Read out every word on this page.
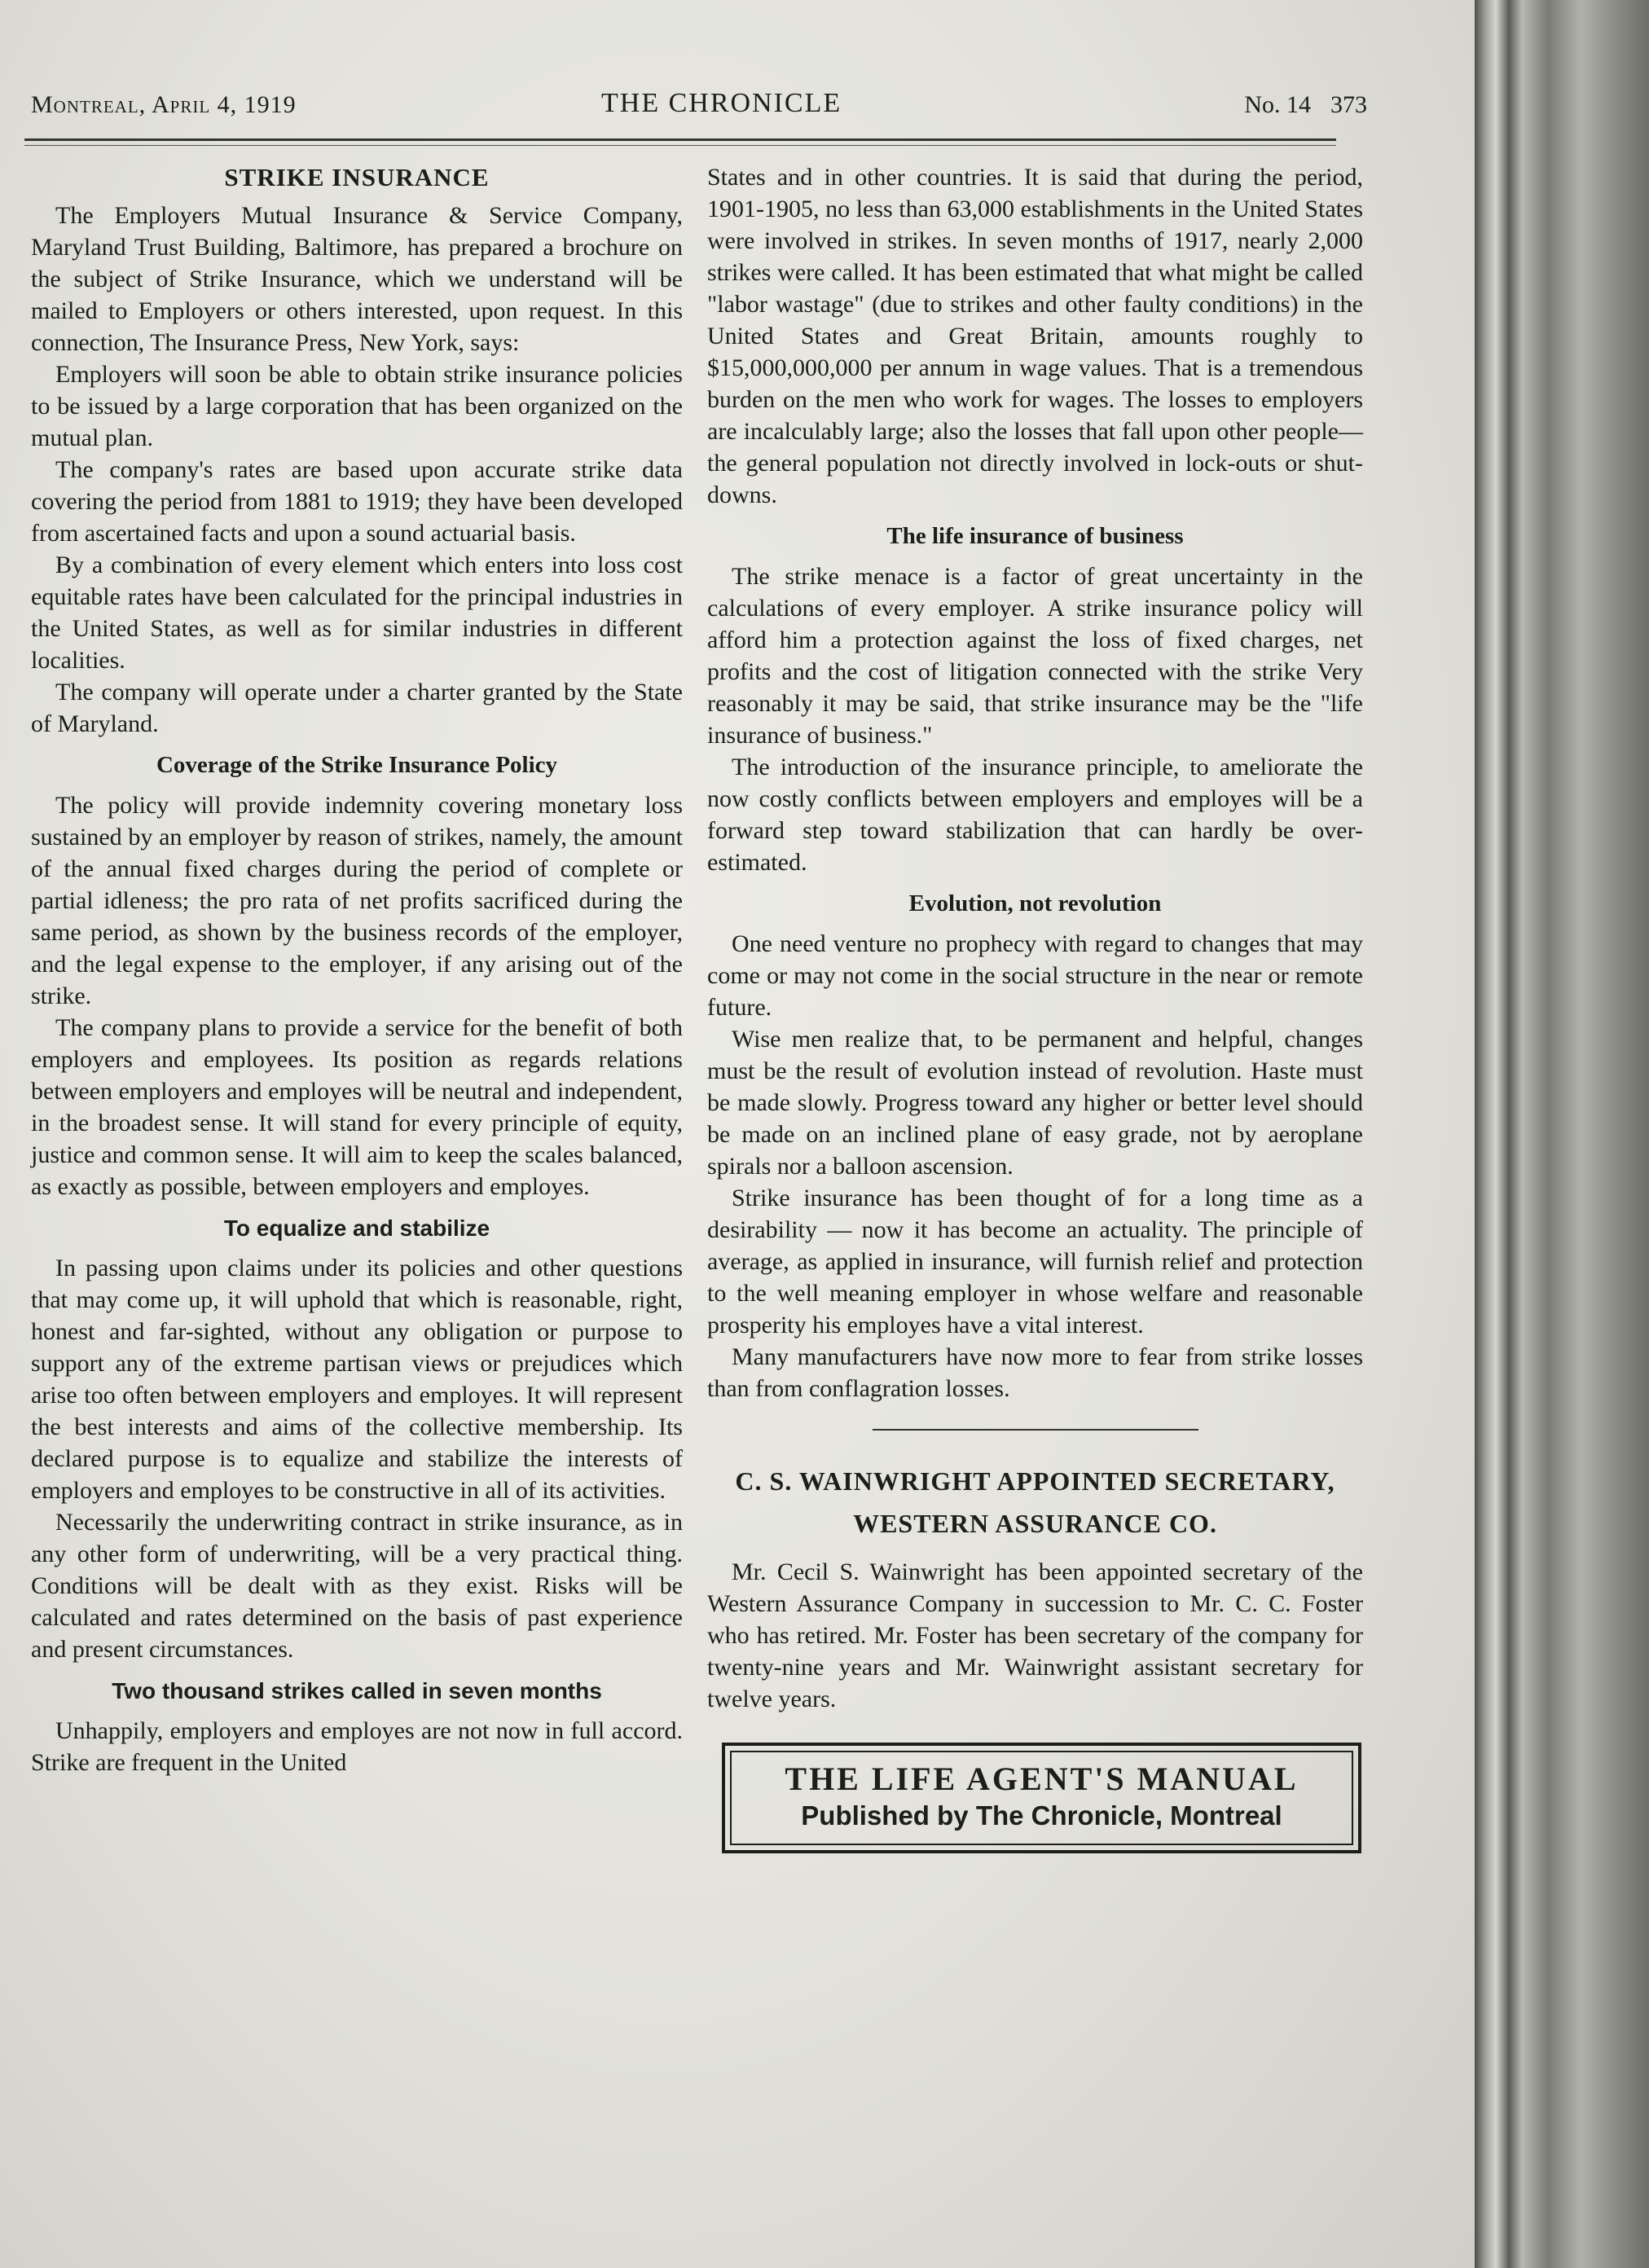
Montreal, April 4, 1919	THE CHRONICLE	No. 14 373
STRIKE INSURANCE

The Employers Mutual Insurance & Service Company, Maryland Trust Building, Baltimore, has prepared a brochure on the subject of Strike Insurance, which we understand will be mailed to Employers or others interested, upon request. In this connection, The Insurance Press, New York, says:

Employers will soon be able to obtain strike insurance policies to be issued by a large corporation that has been organized on the mutual plan.

The company's rates are based upon accurate strike data covering the period from 1881 to 1919; they have been developed from ascertained facts and upon a sound actuarial basis.

By a combination of every element which enters into loss cost equitable rates have been calculated for the principal industries in the United States, as well as for similar industries in different localities.

The company will operate under a charter granted by the State of Maryland.

Coverage of the Strike Insurance Policy

The policy will provide indemnity covering monetary loss sustained by an employer by reason of strikes, namely, the amount of the annual fixed charges during the period of complete or partial idleness; the pro rata of net profits sacrificed during the same period, as shown by the business records of the employer, and the legal expense to the employer, if any arising out of the strike.

The company plans to provide a service for the benefit of both employers and employees. Its position as regards relations between employers and employes will be neutral and independent, in the broadest sense. It will stand for every principle of equity, justice and common sense. It will aim to keep the scales balanced, as exactly as possible, between employers and employes.

To equalize and stabilize

In passing upon claims under its policies and other questions that may come up, it will uphold that which is reasonable, right, honest and far-sighted, without any obligation or purpose to support any of the extreme partisan views or prejudices which arise too often between employers and employes. It will represent the best interests and aims of the collective membership. Its declared purpose is to equalize and stabilize the interests of employers and employes to be constructive in all of its activities.

Necessarily the underwriting contract in strike insurance, as in any other form of underwriting, will be a very practical thing. Conditions will be dealt with as they exist. Risks will be calculated and rates determined on the basis of past experience and present circumstances.

Two thousand strikes called in seven months

Unhappily, employers and employes are not now in full accord. Strike are frequent in the United

States and in other countries. It is said that during the period, 1901-1905, no less than 63,000 establishments in the United States were involved in strikes. In seven months of 1917, nearly 2,000 strikes were called. It has been estimated that what might be called "labor wastage" (due to strikes and other faulty conditions) in the United States and Great Britain, amounts roughly to $15,000,000,000 per annum in wage values. That is a tremendous burden on the men who work for wages. The losses to employers are incalculably large; also the losses that fall upon other people—the general population not directly involved in lock-outs or shut-downs.

The life insurance of business

The strike menace is a factor of great uncertainty in the calculations of every employer. A strike insurance policy will afford him a protection against the loss of fixed charges, net profits and the cost of litigation connected with the strike Very reasonably it may be said, that strike insurance may be the "life insurance of business."

The introduction of the insurance principle, to ameliorate the now costly conflicts between employers and employes will be a forward step toward stabilization that can hardly be over-estimated.

Evolution, not revolution

One need venture no prophecy with regard to changes that may come or may not come in the social structure in the near or remote future.

Wise men realize that, to be permanent and helpful, changes must be the result of evolution instead of revolution. Haste must be made slowly. Progress toward any higher or better level should be made on an inclined plane of easy grade, not by aeroplane spirals nor a balloon ascension.

Strike insurance has been thought of for a long time as a desirability — now it has become an actuality. The principle of average, as applied in insurance, will furnish relief and protection to the well meaning employer in whose welfare and reasonable prosperity his employes have a vital interest.

Many manufacturers have now more to fear from strike losses than from conflagration losses.

C. S. WAINWRIGHT APPOINTED SECRETARY,
WESTERN ASSURANCE CO.

Mr. Cecil S. Wainwright has been appointed secretary of the Western Assurance Company in succession to Mr. C. C. Foster who has retired. Mr. Foster has been secretary of the company for twenty-nine years and Mr. Wainwright assistant secretary for twelve years.

THE LIFE AGENT'S MANUAL
Published by The Chronicle, Montreal
